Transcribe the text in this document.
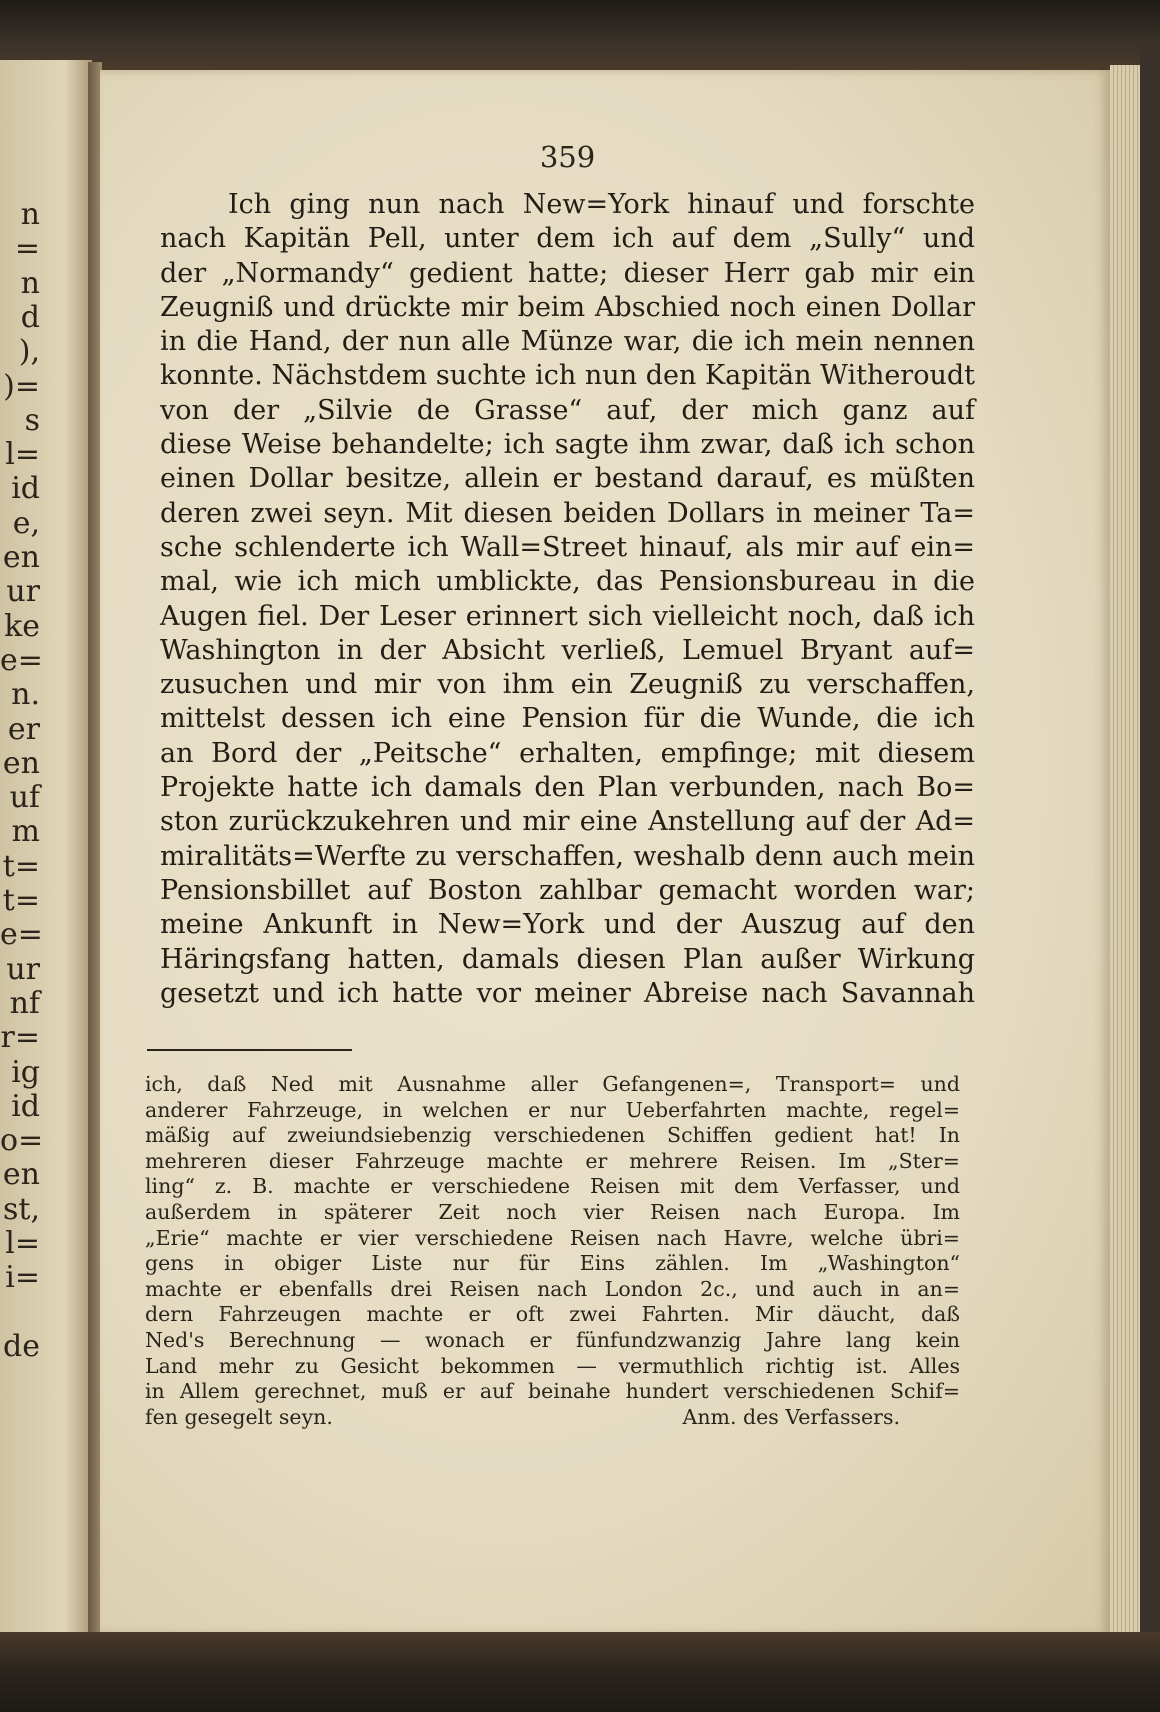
n
=
n
d
),
)=
s
l=
id
e,
en
ur
ke
e=
n.
er
en
uf
m
t=
t=
e=
ur
nf
r=
ig
id
o=
en
st,
l=
i=
de
359
Ich ging nun nach New=York hinauf und forschte
nach Kapitän Pell, unter dem ich auf dem „Sully“ und
der „Normandy“ gedient hatte; dieser Herr gab mir ein
Zeugniß und drückte mir beim Abschied noch einen Dollar
in die Hand, der nun alle Münze war, die ich mein nennen
konnte. Nächstdem suchte ich nun den Kapitän Witheroudt
von der „Silvie de Grasse“ auf, der mich ganz auf
diese Weise behandelte; ich sagte ihm zwar, daß ich schon
einen Dollar besitze, allein er bestand darauf, es müßten
deren zwei seyn. Mit diesen beiden Dollars in meiner Ta=
sche schlenderte ich Wall=Street hinauf, als mir auf ein=
mal, wie ich mich umblickte, das Pensionsbureau in die
Augen fiel. Der Leser erinnert sich vielleicht noch, daß ich
Washington in der Absicht verließ, Lemuel Bryant auf=
zusuchen und mir von ihm ein Zeugniß zu verschaffen,
mittelst dessen ich eine Pension für die Wunde, die ich
an Bord der „Peitsche“ erhalten, empfinge; mit diesem
Projekte hatte ich damals den Plan verbunden, nach Bo=
ston zurückzukehren und mir eine Anstellung auf der Ad=
miralitäts=Werfte zu verschaffen, weshalb denn auch mein
Pensionsbillet auf Boston zahlbar gemacht worden war;
meine Ankunft in New=York und der Auszug auf den
Häringsfang hatten, damals diesen Plan außer Wirkung
gesetzt und ich hatte vor meiner Abreise nach Savannah
ich, daß Ned mit Ausnahme aller Gefangenen=, Transport= und
anderer Fahrzeuge, in welchen er nur Ueberfahrten machte, regel=
mäßig auf zweiundsiebenzig verschiedenen Schiffen gedient hat! In
mehreren dieser Fahrzeuge machte er mehrere Reisen. Im „Ster=
ling“ z. B. machte er verschiedene Reisen mit dem Verfasser, und
außerdem in späterer Zeit noch vier Reisen nach Europa. Im
„Erie“ machte er vier verschiedene Reisen nach Havre, welche übri=
gens in obiger Liste nur für Eins zählen. Im „Washington“
machte er ebenfalls drei Reisen nach London 2c., und auch in an=
dern Fahrzeugen machte er oft zwei Fahrten. Mir däucht, daß
Ned's Berechnung — wonach er fünfundzwanzig Jahre lang kein
Land mehr zu Gesicht bekommen — vermuthlich richtig ist. Alles
in Allem gerechnet, muß er auf beinahe hundert verschiedenen Schif=
fen gesegelt seyn.	Anm. des Verfassers.
